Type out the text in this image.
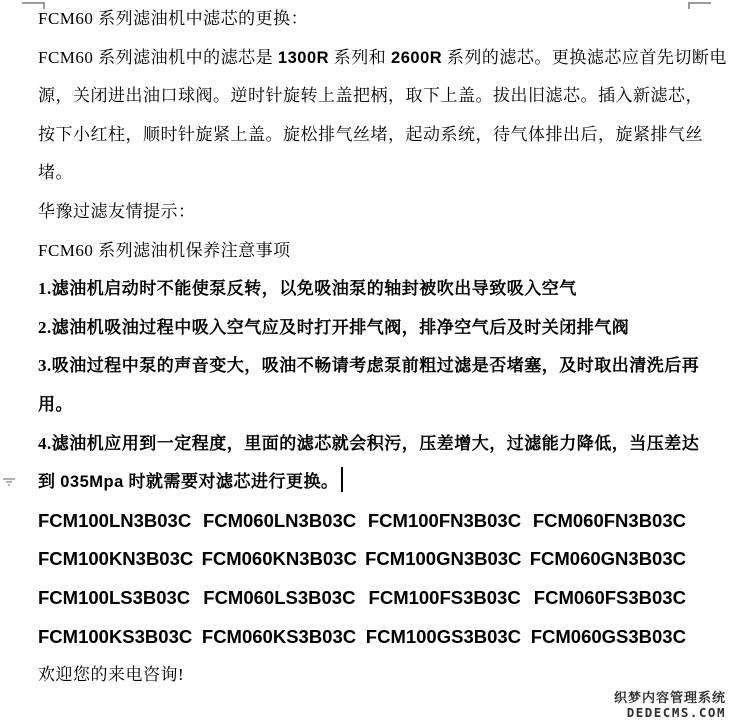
FCM60 系列滤油机中滤芯的更换：
FCM60 系列滤油机中的滤芯是 1300R 系列和 2600R 系列的滤芯。更换滤芯应首先切断电
源，关闭进出油口球阀。逆时针旋转上盖把柄，取下上盖。拔出旧滤芯。插入新滤芯，
按下小红柱，顺时针旋紧上盖。旋松排气丝堵，起动系统，待气体排出后，旋紧排气丝
堵。
华豫过滤友情提示：
FCM60 系列滤油机保养注意事项
1.滤油机启动时不能使泵反转，以免吸油泵的轴封被吹出导致吸入空气
2.滤油机吸油过程中吸入空气应及时打开排气阀，排净空气后及时关闭排气阀
3.吸油过程中泵的声音变大，吸油不畅请考虑泵前粗过滤是否堵塞，及时取出清洗后再
用。
4.滤油机应用到一定程度，里面的滤芯就会积污，压差增大，过滤能力降低，当压差达
到 035Mpa 时就需要对滤芯进行更换。
FCM100LN3B03C FCM060LN3B03C FCM100FN3B03C FCM060FN3B03C
FCM100KN3B03C FCM060KN3B03C FCM100GN3B03C FCM060GN3B03C
FCM100LS3B03C FCM060LS3B03C FCM100FS3B03C FCM060FS3B03C
FCM100KS3B03C FCM060KS3B03C FCM100GS3B03C FCM060GS3B03C
欢迎您的来电咨询!
织梦内容管理系统
DEDECMS.COM
